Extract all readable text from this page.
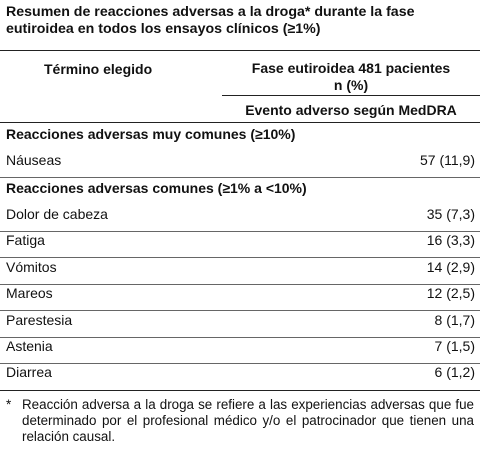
Resumen de reacciones adversas a la droga* durante la fase eutiroidea en todos los ensayos clínicos (≥1%)
Término elegido	Fase eutiroidea 481 pacientes
n (%)
Evento adverso según MedDRA
Reacciones adversas muy comunes (≥10%)
Náuseas	57 (11,9)
Reacciones adversas comunes (≥1% a <10%)
Dolor de cabeza	35 (7,3)
Fatiga	16 (3,3)
Vómitos	14 (2,9)
Mareos	12 (2,5)
Parestesia	8 (1,7)
Astenia	7 (1,5)
Diarrea	6 (1,2)
* Reacción adversa a la droga se refiere a las experiencias adversas que fue determinado por el profesional médico y/o el patrocinador que tienen una relación causal.
